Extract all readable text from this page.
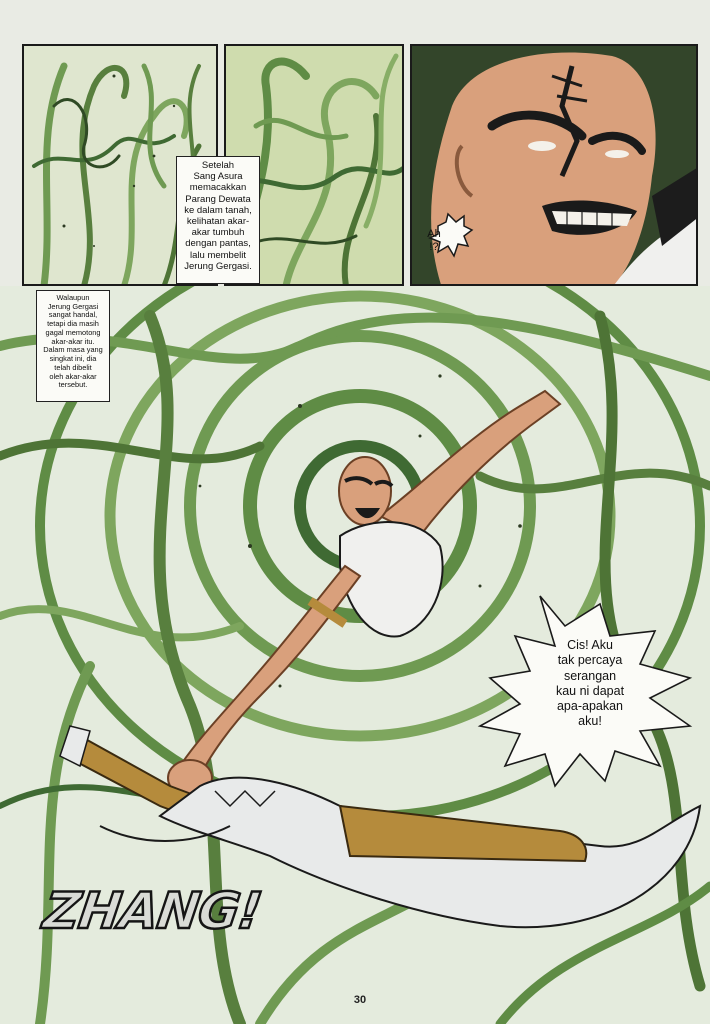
Setelah
Sang Asura
memacakkan
Parang Dewata
ke dalam tanah,
kelihatan akar-
akar tumbuh
dengan pantas,
lalu membelit
Jerung Gergasi.
Walaupun
Jerung Gergasi
sangat handal,
tetapi dia masih
gagal memotong
akar-akar itu.
Dalam masa yang
singkat ini, dia
telah dibelit
oleh akar-akar
tersebut.
Ah
!?
Cis! Aku
tak percaya
serangan
kau ni dapat
apa-apakan
aku!
ZHANG!
30
